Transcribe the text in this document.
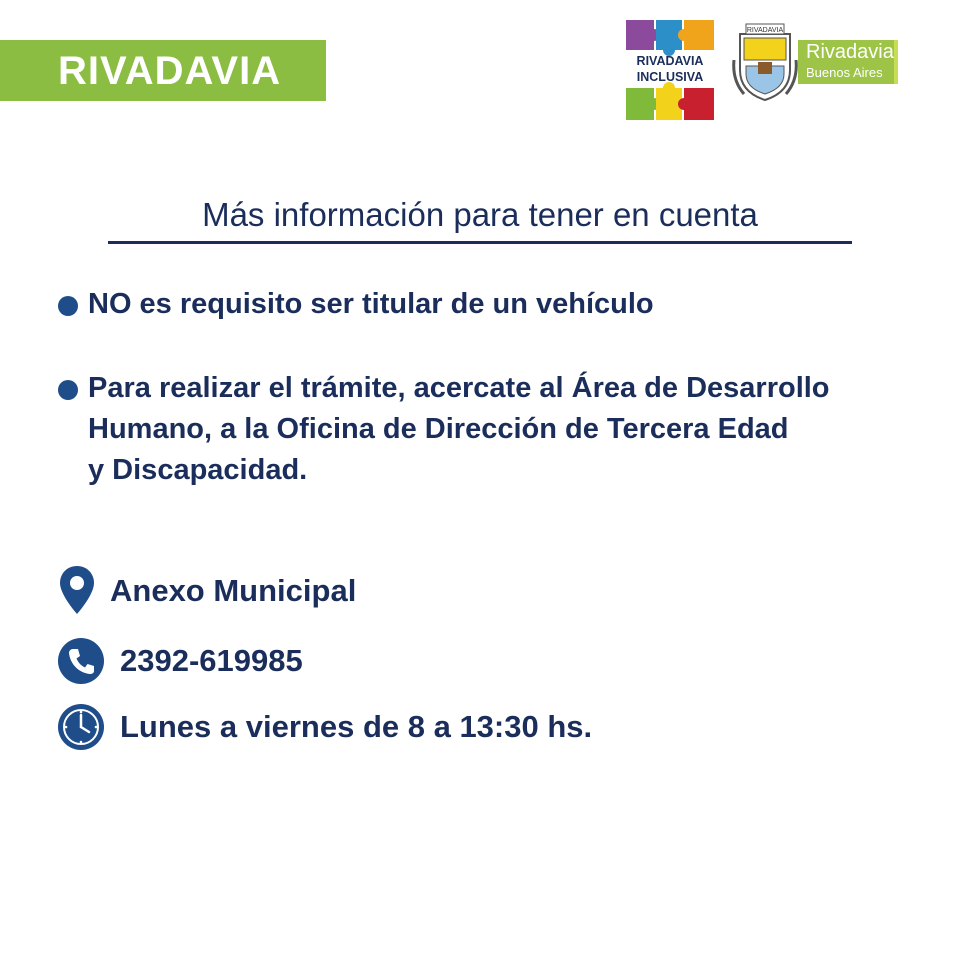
RIVADAVIA	RIVADAVIA
INCLUSIVA
RIVADAVIA
Rivadavia
Buenos Aires
Más información para tener en cuenta
NO es requisito ser titular de un vehículo
Para realizar el trámite, acercate al Área de Desarrollo
Humano, a la Oficina de Dirección de Tercera Edad
y Discapacidad.
Anexo Municipal
2392-619985
Lunes a viernes de 8 a 13:30 hs.
